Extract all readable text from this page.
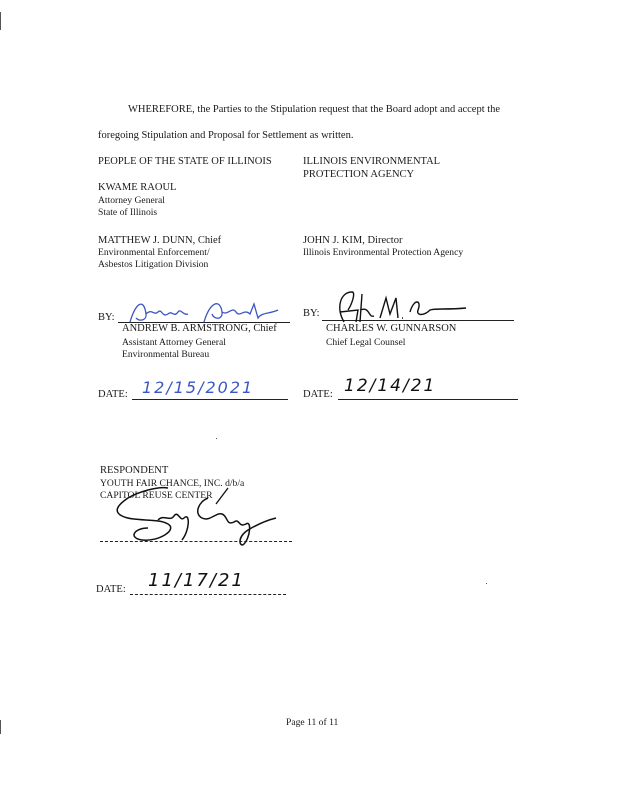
WHEREFORE, the Parties to the Stipulation request that the Board adopt and accept the
foregoing Stipulation and Proposal for Settlement as written.
PEOPLE OF THE STATE OF ILLINOIS
KWAME RAOUL
Attorney General
State of Illinois
MATTHEW J. DUNN, Chief
Environmental Enforcement/
Asbestos Litigation Division
BY:
ANDREW B. ARMSTRONG, Chief
Assistant Attorney General
Environmental Bureau
DATE: 12/15/2021
ILLINOIS ENVIRONMENTAL
PROTECTION AGENCY
JOHN J. KIM, Director
Illinois Environmental Protection Agency
BY:
CHARLES W. GUNNARSON
Chief Legal Counsel
DATE: 12/14/21
RESPONDENT
YOUTH FAIR CHANCE, INC. d/b/a
CAPITOL REUSE CENTER
DATE: 11/17/21
Page 11 of 11
